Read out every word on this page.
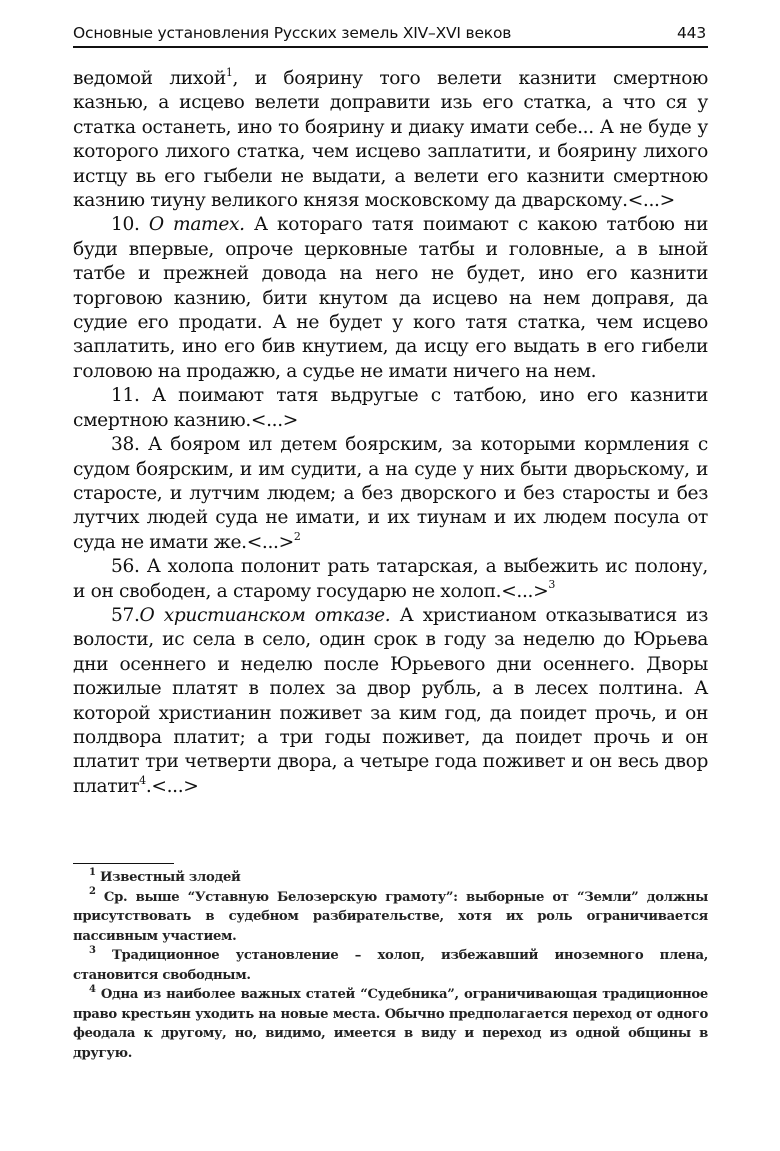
Основные установления Русских земель XIV–XVI веков	443

ведомой лихой$^1$, и боярину того велети казнити смертною казнью, а исцево велети доправити изь его статка, а что ся у статка останеть, ино то боярину и диаку имати себе... А не буде у которого лихого статка, чем исцево заплатити, и боярину лихого истцу вь его гыбели не выдати, а велети его казнити смертною казнию тиуну великого князя московскому да дварскому.<...>

10. О татех. А котораго татя поимают с какою татбою ни буди впервые, опроче церковные татбы и головные, а в ыной татбе и прежней довода на него не будет, ино его казнити торговою казнию, бити кнутом да исцево на нем доправя, да судие его продати. А не будет у кого татя статка, чем исцево заплатить, ино его бив кнутием, да исцу его выдать в его гибели головою на продажю, а судье не имати ничего на нем.

11. А поимают татя вьдругые с татбою, ино его казнити смертною казнию.<...>

38. А бояром ил детем боярским, за которыми кормления с судом боярским, и им судити, а на суде у них быти дворьскому, и старосте, и лутчим людем; а без дворского и без старосты и без лутчих людей суда не имати, и их тиунам и их людем посула от суда не имати же.<...>$^2$

56. А холопа полонит рать татарская, а выбежить ис полону, и он свободен, а старому государю не холоп.<...>$^3$

57.О христианском отказе. А христианом отказыватися из волости, ис села в село, один срок в году за неделю до Юрьева дни осеннего и неделю после Юрьевого дни осеннего. Дворы пожилые платят в полех за двор рубль, а в лесех полтина. А которой христианин поживет за ким год, да поидет прочь, и он полдвора платит; а три годы поживет, да поидет прочь и он платит три четверти двора, а четыре года поживет и он весь двор платит$^4$.<...>

$^1$ Известный злодей

$^2$ Ср. выше “Уставную Белозерскую грамоту”: выборные от “Земли” должны присутствовать в судебном разбирательстве, хотя их роль ограничивается пассивным участием.

$^3$ Традиционное установление – холоп, избежавший иноземного плена, становится свободным.

$^4$ Одна из наиболее важных статей “Судебника”, ограничивающая традиционное право крестьян уходить на новые места. Обычно предполагается переход от одного феодала к другому, но, видимо, имеется в виду и переход из одной общины в другую.
